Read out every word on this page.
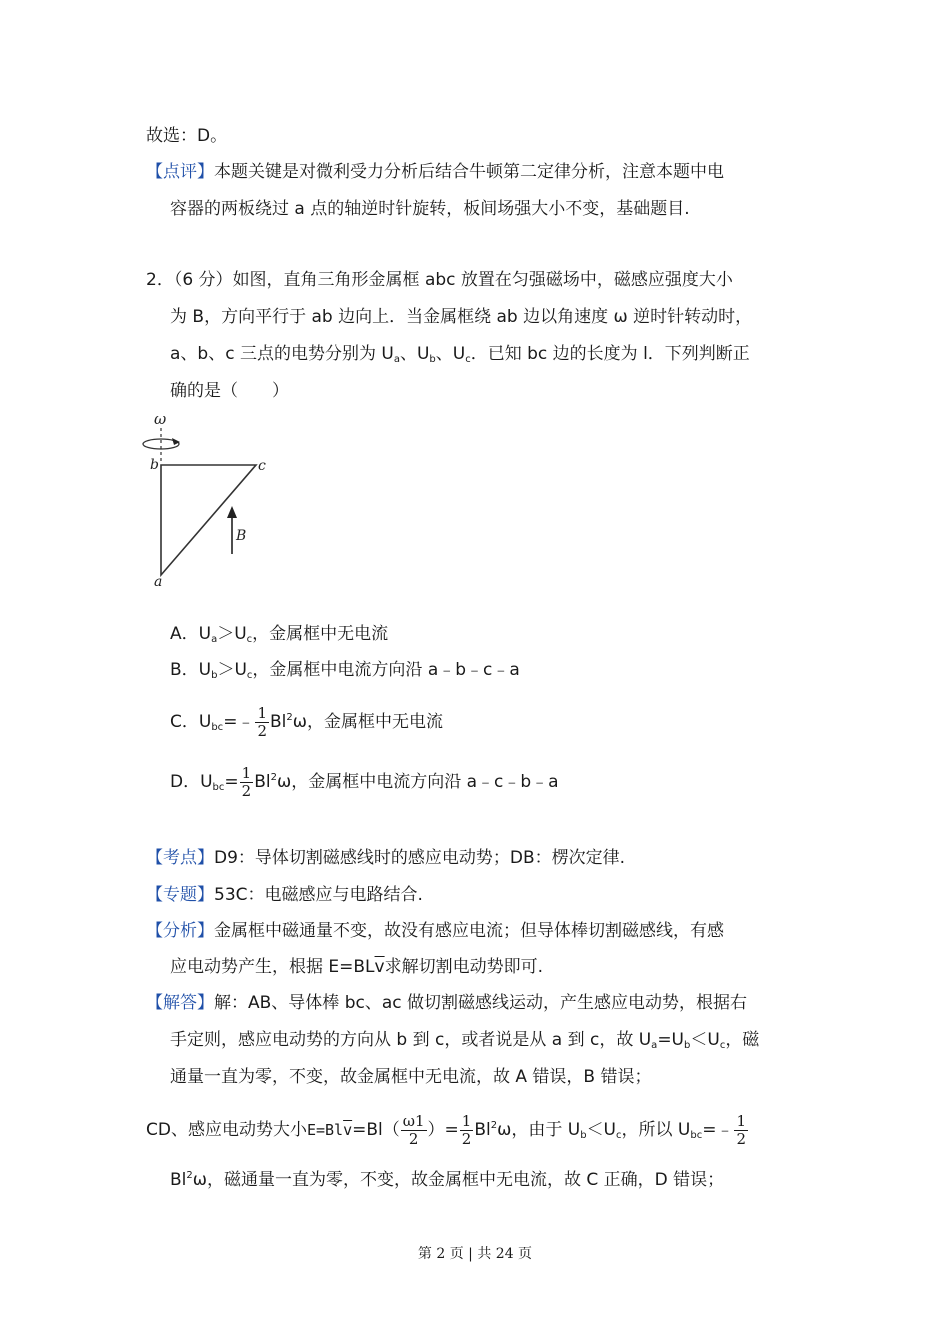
故选：D。
【点评】本题关键是对微利受力分析后结合牛顿第二定律分析，注意本题中电
容器的两板绕过 a 点的轴逆时针旋转，板间场强大小不变，基础题目.
2．（6 分）如图，直角三角形金属框 abc 放置在匀强磁场中，磁感应强度大小
为 B，方向平行于 ab 边向上．当金属框绕 ab 边以角速度 ω 逆时针转动时，
a、b、c 三点的电势分别为 $U_a$、$U_b$、$U_c$．已知 bc 边的长度为 l．下列判断正
确的是（　　）
ω
b	c
a
B
A．$U_a>U_c$，金属框中无电流
B．$U_b>U_c$，金属框中电流方向沿 a﹣b﹣c﹣a
C．$U_{bc}=﹣ \frac{1}{2} Bl^2\omega$，金属框中无电流
D．$U_{bc}= \frac{1}{2} Bl^2\omega$，金属框中电流方向沿 a﹣c﹣b﹣a
【考点】D9：导体切割磁感线时的感应电动势；DB：楞次定律.
【专题】53C：电磁感应与电路结合.
【分析】金属框中磁通量不变，故没有感应电流；但导体棒切割磁感线，有感
应电动势产生，根据 $E=BL\overline{v}$求解切割电动势即可.
【解答】解：AB、导体棒 bc、ac 做切割磁感线运动，产生感应电动势，根据右
手定则，感应电动势的方向从 b 到 c，或者说是从 a 到 c，故 $U_a=U_b<U_c$，磁
通量一直为零，不变，故金属框中无电流，故 A 错误，B 错误；
CD、感应电动势大小$E=Bl\overline{v}=Bl( \frac{\omega 1}{2}$ ）= $\frac{1}{2} Bl^2\omega$，由于 $U_b<U_c$，所以 $U_{bc}=﹣ \frac{1}{2}$
Bl$^2$ω，磁通量一直为零，不变，故金属框中无电流，故 C 正确，D 错误；
第 2 页 | 共 24 页
